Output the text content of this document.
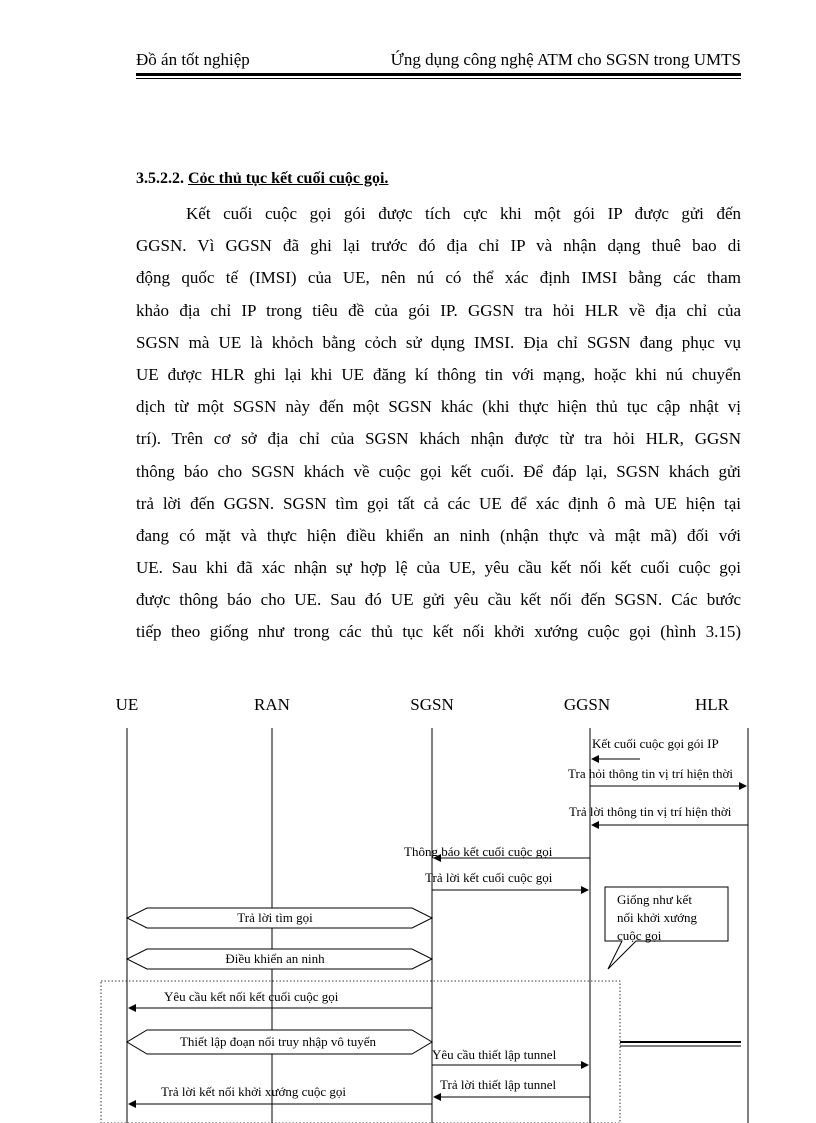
Đồ án tốt nghiệp	Ứng dụng công nghệ ATM cho SGSN trong UMTS
3.5.2.2. Cỏc thủ tục kết cuối cuộc gọi.
Kết cuối cuộc gọi gói được tích cực khi một gói IP được gửi đến
GGSN. Vì GGSN đã ghi lại trước đó địa chỉ IP và nhận dạng thuê bao di
động quốc tế (IMSI) của UE, nên nú có thể xác định IMSI bằng các tham
khảo địa chỉ IP trong tiêu đề của gói IP. GGSN tra hỏi HLR về địa chỉ của
SGSN mà UE là khỏch bằng cỏch sử dụng IMSI. Địa chỉ SGSN đang phục vụ
UE được HLR ghi lại khi UE đăng kí thông tin với mạng, hoặc khi nú chuyển
dịch từ một SGSN này đến một SGSN khác (khi thực hiện thủ tục cập nhật vị
trí). Trên cơ sở địa chỉ của SGSN khách nhận được từ tra hỏi HLR, GGSN
thông báo cho SGSN khách về cuộc gọi kết cuối. Để đáp lại, SGSN khách gửi
trả lời đến GGSN. SGSN tìm gọi tất cả các UE để xác định ô mà UE hiện tại
đang có mặt và thực hiện điều khiển an ninh (nhận thực và mật mã) đối với
UE. Sau khi đã xác nhận sự hợp lệ của UE, yêu cầu kết nối kết cuối cuộc gọi
được thông báo cho UE. Sau đó UE gửi yêu cầu kết nối đến SGSN. Các bước
tiếp theo giống như trong các thủ tục kết nối khởi xướng cuộc gọi (hình 3.15)
UE	RAN	SGSN	GGSN	HLR
Kết cuối cuộc gọi gói IP
Tra hỏi thông tin vị trí hiện thời
Trả lời thông tin vị trí hiện thời
Thông báo kết cuối cuộc gọi
Trả lời kết cuối cuộc gọi
Giống như kết
nối khởi xướng
cuộc gọi
Trả lời tìm gọi
Điều khiển an ninh
Yêu cầu kết nối kết cuối cuộc gọi
Thiết lập đoạn nối truy nhập vô tuyến
Yêu cầu thiết lập tunnel
Trả lời kết nối khởi xướng cuộc gọi	Trả lời thiết lập tunnel
